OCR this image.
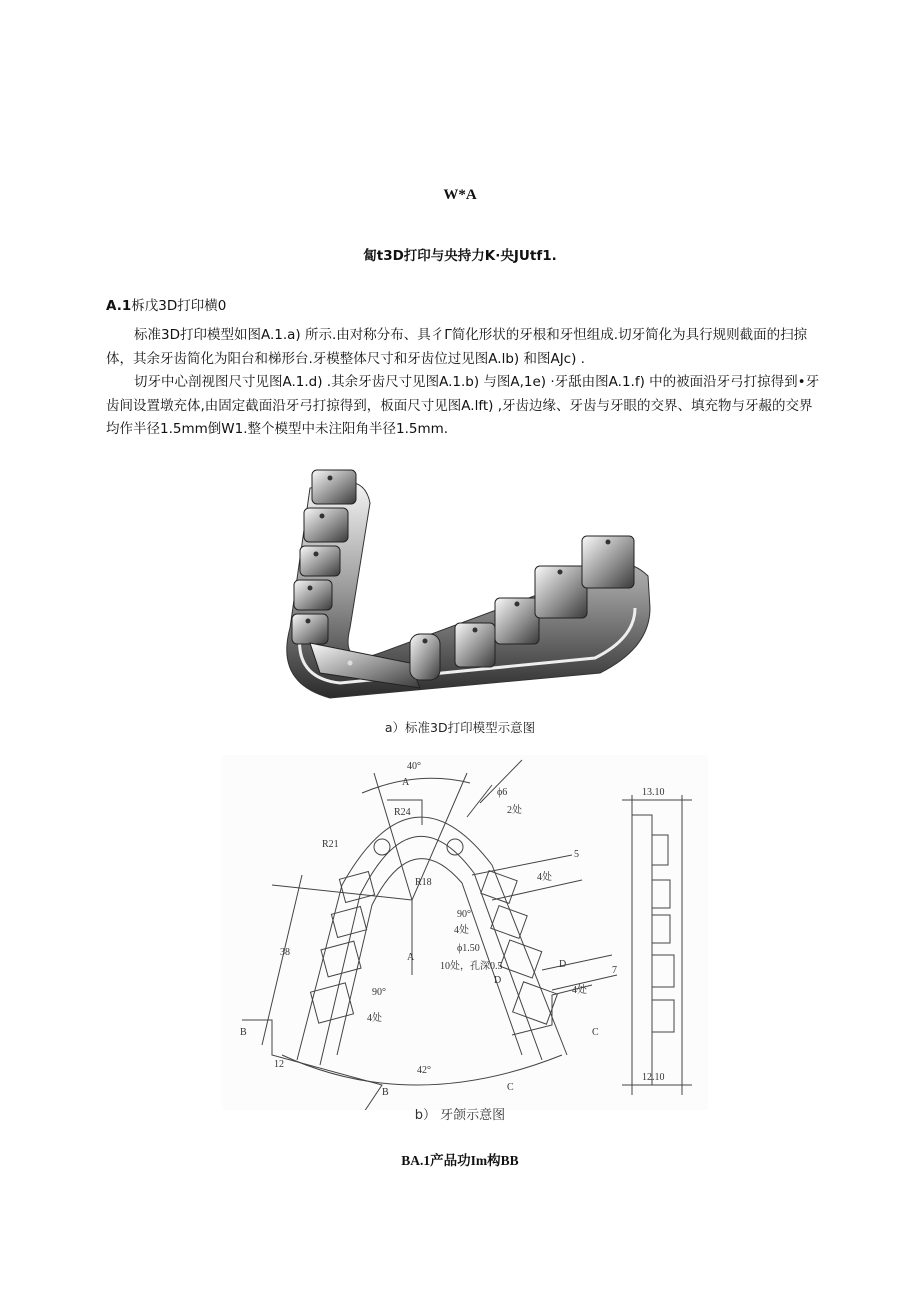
W*A
匐t3D打印与央持力K·央JUtf1.
A.1柝戊3D打印横0

标准3D打印模型如图A.1.a) 所示.由对称分布、具彳Γ简化形状的牙根和牙怛组成.切牙简化为具行规则截面的扫掠体，其余牙齿简化为阳台和梯形台.牙模整体尺寸和牙齿位过见图A.lb) 和图AJc) .

切牙中心剖视图尺寸见图A.1.d) .其余牙齿尺寸见图A.1.b) 与图A,1e) ·牙舐由图A.1.f) 中的被面沿牙弓打掠得到•牙齿间设置墩充体,由固定截面沿牙弓打掠得到，板面尺寸见图A.lft) ,牙齿边缘、牙齿与牙眼的交界、填充物与牙赧的交界均作半径1.5mm倒W1.整个模型中未注阳角半径1.5mm.

a）标准3D打印模型示意图
40°
R21
R24
R18
ϕ6
2处
5
4处
90°
4处
ϕ1.50
10处，孔深0.5	7
4处
90°
4处
38
12
42°
13.10
12.10
A
A
B
B
C
C
D
D
b） 牙颌示意图
BA.1产品功Im构BB
